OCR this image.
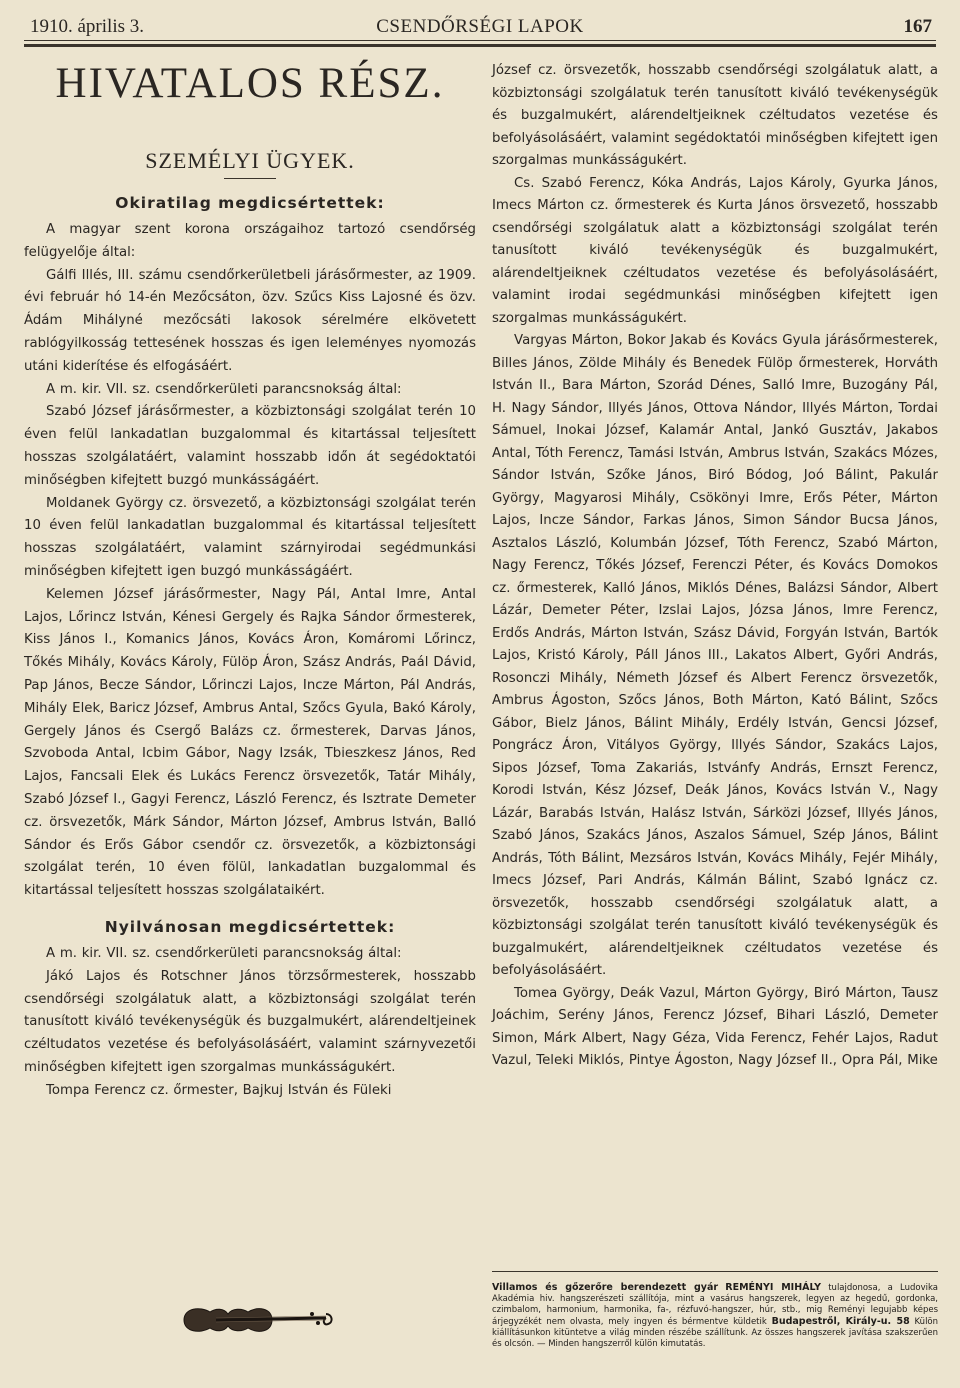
1910. április 3.	CSENDŐRSÉGI LAPOK	167
HIVATALOS RÉSZ.
SZEMÉLYI ÜGYEK.
Okiratilag megdicsértettek:

A magyar szent korona országaihoz tartozó csendőrség felügyelője által:

Gálfi Illés, III. számu csendőrkerületbeli járásőrmester, az 1909. évi február hó 14-én Mezőcsáton, özv. Szűcs Kiss Lajosné és özv. Ádám Mihályné mezőcsáti lakosok sérelmére elkövetett rablógyilkosság tettesének hosszas és igen leleményes nyomozás utáni kiderítése és elfogásáért.

A m. kir. VII. sz. csendőrkerületi parancsnokság által:

Szabó József járásőrmester, a közbiztonsági szolgálat terén 10 éven felül lankadatlan buzgalommal és kitartással teljesített hosszas szolgálatáért, valamint hosszabb időn át segédoktatói minőségben kifejtett buzgó munkásságáért.

Moldanek György cz. örsvezető, a közbiztonsági szolgálat terén 10 éven felül lankadatlan buzgalommal és kitartással teljesített hosszas szolgálatáért, valamint szárnyirodai segédmunkási minőségben kifejtett igen buzgó munkásságáért.

Kelemen József járásőrmester, Nagy Pál, Antal Imre, Antal Lajos, Lőrincz István, Kénesi Gergely és Rajka Sándor őrmesterek, Kiss János I., Komanics János, Kovács Áron, Komáromi Lőrincz, Tőkés Mihály, Kovács Károly, Fülöp Áron, Szász András, Paál Dávid, Pap János, Becze Sándor, Lőrinczi Lajos, Incze Márton, Pál András, Mihály Elek, Baricz József, Ambrus Antal, Szőcs Gyula, Bakó Károly, Gergely János és Csergő Balázs cz. őrmesterek, Darvas János, Szvoboda Antal, Icbim Gábor, Nagy Izsák, Tbieszkesz János, Red Lajos, Fancsali Elek és Lukács Ferencz örsvezetők, Tatár Mihály, Szabó József I., Gagyi Ferencz, László Ferencz, és Isztrate Demeter cz. örsvezetők, Márk Sándor, Márton József, Ambrus István, Balló Sándor és Erős Gábor csendőr cz. örsvezetők, a közbiztonsági szolgálat terén, 10 éven fölül, lankadatlan buzgalommal és kitartással teljesített hosszas szolgálataikért.

Nyilvánosan megdicsértettek:

A m. kir. VII. sz. csendőrkerületi parancsnokság által:

Jákó Lajos és Rotschner János törzsőrmesterek, hosszabb csendőrségi szolgálatuk alatt, a közbiztonsági szolgálat terén tanusított kiváló tevékenységük és buzgalmukért, alárendeltjeinek czéltudatos vezetése és befolyásolásáért, valamint szárnyvezetői minőségben kifejtett igen szorgalmas munkásságukért.

Tompa Ferencz cz. őrmester, Bajkuj István és Füleki

József cz. örsvezetők, hosszabb csendőrségi szolgálatuk alatt, a közbiztonsági szolgálatuk terén tanusított kiváló tevékenységük és buzgalmukért, alárendeltjeiknek czéltudatos vezetése és befolyásolásáért, valamint segédoktatói minőségben kifejtett igen szorgalmas munkásságukért.

Cs. Szabó Ferencz, Kóka András, Lajos Károly, Gyurka János, Imecs Márton cz. őrmesterek és Kurta János örsvezető, hosszabb csendőrségi szolgálatuk alatt a közbiztonsági szolgálat terén tanusított kiváló tevékenységük és buzgalmukért, alárendeltjeiknek czéltudatos vezetése és befolyásolásáért, valamint irodai segédmunkási minőségben kifejtett igen szorgalmas munkásságukért.

Vargyas Márton, Bokor Jakab és Kovács Gyula járásőrmesterek, Billes János, Zölde Mihály és Benedek Fülöp őrmesterek, Horváth István II., Bara Márton, Szorád Dénes, Salló Imre, Buzogány Pál, H. Nagy Sándor, Illyés János, Ottova Nándor, Illyés Márton, Tordai Sámuel, Inokai József, Kalamár Antal, Jankó Gusztáv, Jakabos Antal, Tóth Ferencz, Tamási István, Ambrus István, Szakács Mózes, Sándor István, Szőke János, Biró Bódog, Joó Bálint, Pakulár György, Magyarosi Mihály, Csökönyi Imre, Erős Péter, Márton Lajos, Incze Sándor, Farkas János, Simon Sándor Bucsa János, Asztalos László, Kolumbán József, Tóth Ferencz, Szabó Márton, Nagy Ferencz, Tőkés József, Ferenczi Péter, és Kovács Domokos cz. őrmesterek, Kalló János, Miklós Dénes, Balázsi Sándor, Albert Lázár, Demeter Péter, Izslai Lajos, Józsa János, Imre Ferencz, Erdős András, Márton István, Szász Dávid, Forgyán István, Bartók Lajos, Kristó Károly, Páll János III., Lakatos Albert, Győri András, Rosonczi Mihály, Németh József és Albert Ferencz örsvezetők, Ambrus Ágoston, Szőcs János, Both Márton, Kató Bálint, Szőcs Gábor, Bielz János, Bálint Mihály, Erdély István, Gencsi József, Pongrácz Áron, Vitályos György, Illyés Sándor, Szakács Lajos, Sipos József, Toma Zakariás, Istvánfy András, Ernszt Ferencz, Korodi István, Kész József, Deák János, Kovács István V., Nagy Lázár, Barabás István, Halász István, Sárközi József, Illyés János, Szabó János, Szakács János, Aszalos Sámuel, Szép János, Bálint András, Tóth Bálint, Mezsáros István, Kovács Mihály, Fejér Mihály, Imecs József, Pari András, Kálmán Bálint, Szabó Ignácz cz. örsvezetők, hosszabb csendőrségi szolgálatuk alatt, a közbiztonsági szolgálat terén tanusított kiváló tevékenységük és buzgalmukért, alárendeltjeiknek czéltudatos vezetése és befolyásolásáért.

Tomea György, Deák Vazul, Márton György, Biró Márton, Tausz Joáchim, Serény János, Ferencz József, Bihari László, Demeter Simon, Márk Albert, Nagy Géza, Vida Ferencz, Fehér Lajos, Radut Vazul, Teleki Miklós, Pintye Ágoston, Nagy József II., Opra Pál, Mike

Villamos és gőzerőre berendezett gyár REMÉNYI MIHÁLY tulajdonosa, a Ludovika Akadémia hiv. hangszerészeti szállítója, mint a vasárus hangszerek, legyen az hegedű, gordonka, czimbalom, harmonium, harmonika, fa-, rézfuvó-hangszer, húr, stb., mig Reményi legujabb képes árjegyzékét nem olvasta, mely ingyen és bérmentve küldetik Budapestről, Király-u. 58 Külön kiállításunkon kitüntetve a világ minden részébe szállítunk. Az összes hangszerek javítása szakszerűen és olcsón. — Minden hangszerről külön kimutatás.
